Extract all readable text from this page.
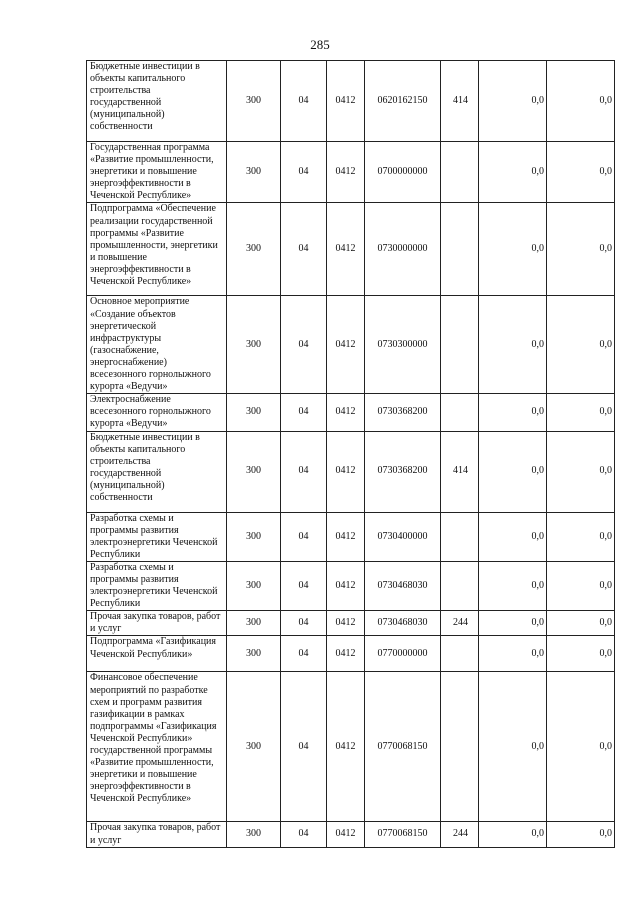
285
Бюджетные инвестиции в объекты капитального строительства государственной (муниципальной) собственности	300	04	0412	0620162150	414	0,0	0,0
Государственная программа «Развитие промышленности, энергетики и повышение энергоэффективности в Чеченской Республике»	300	04	0412	0700000000		0,0	0,0
Подпрограмма «Обеспечение реализации государственной программы «Развитие промышленности, энергетики и повышение энергоэффективности в Чеченской Республике»	300	04	0412	0730000000		0,0	0,0
Основное мероприятие «Создание объектов энергетической инфраструктуры (газоснабжение, энергоснабжение) всесезонного горнолыжного курорта «Ведучи»	300	04	0412	0730300000		0,0	0,0
Электроснабжение всесезонного горнолыжного курорта «Ведучи»	300	04	0412	0730368200		0,0	0,0
Бюджетные инвестиции в объекты капитального строительства государственной (муниципальной) собственности	300	04	0412	0730368200	414	0,0	0,0
Разработка схемы и программы развития электроэнергетики Чеченской Республики	300	04	0412	0730400000		0,0	0,0
Разработка схемы и программы развития электроэнергетики Чеченской Республики	300	04	0412	0730468030		0,0	0,0
Прочая закупка товаров, работ и услуг	300	04	0412	0730468030	244	0,0	0,0
Подпрограмма «Газификация Чеченской Республики»	300	04	0412	0770000000		0,0	0,0
Финансовое обеспечение мероприятий по разработке схем и программ развития газификации в рамках подпрограммы «Газификация Чеченской Республики» государственной программы «Развитие промышленности, энергетики и повышение энергоэффективности в Чеченской Республике»	300	04	0412	0770068150		0,0	0,0
Прочая закупка товаров, работ и услуг	300	04	0412	0770068150	244	0,0	0,0
